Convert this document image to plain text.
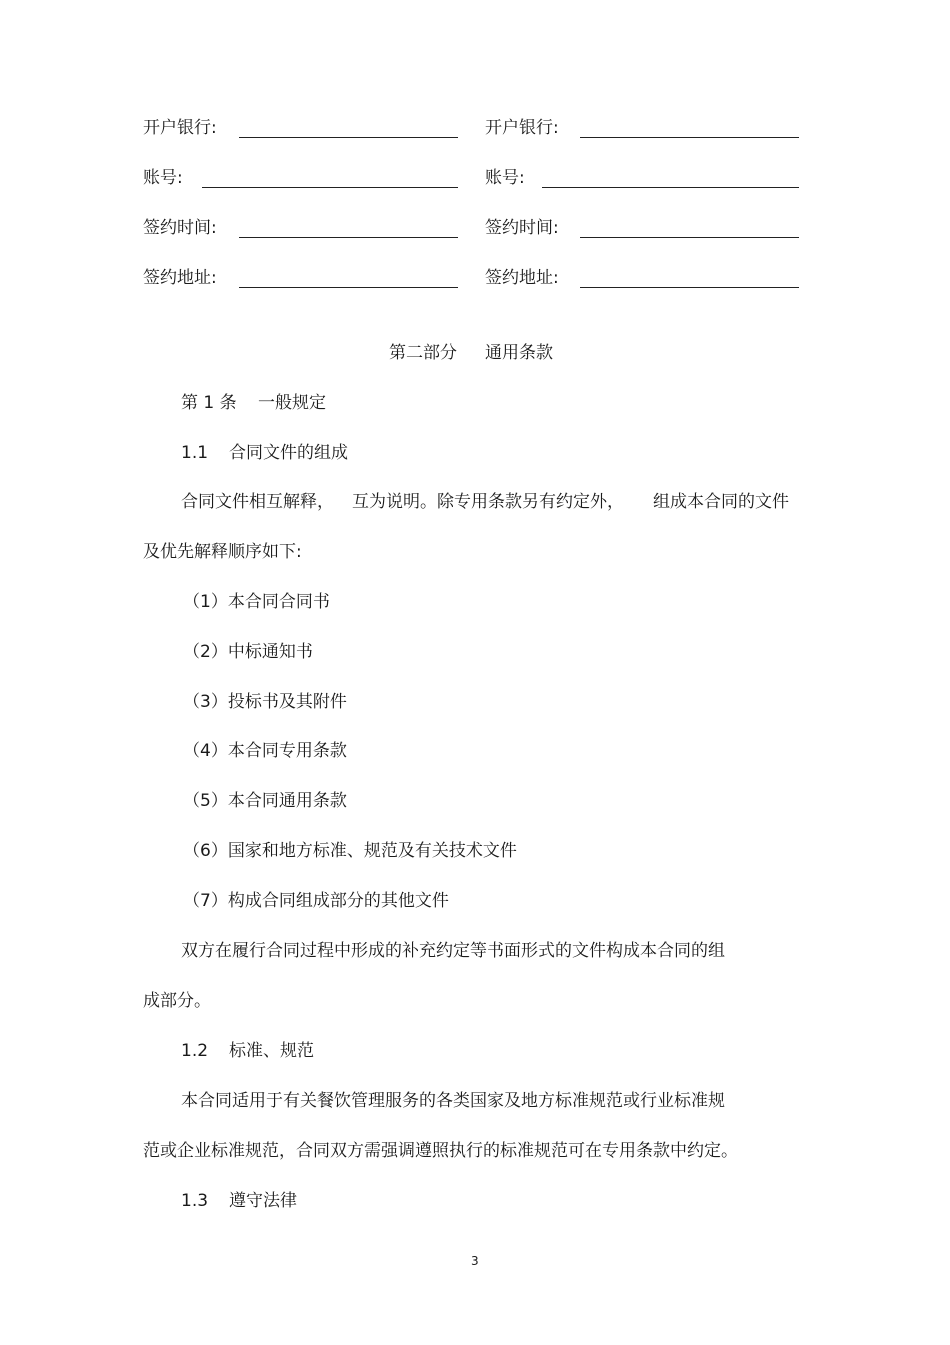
开户银行:	开户银行:
账号:	账号:
签约时间:	签约时间:
签约地址:	签约地址:
第二部分 通用条款
第 1 条 一般规定
1.1 合同文件的组成
合同文件相互解释， 互为说明。除专用条款另有约定外， 组成本合同的文件
及优先解释顺序如下:
（1）本合同合同书
（2）中标通知书
（3）投标书及其附件
（4）本合同专用条款
（5）本合同通用条款
（6）国家和地方标准、规范及有关技术文件
（7）构成合同组成部分的其他文件
双方在履行合同过程中形成的补充约定等书面形式的文件构成本合同的组
成部分。
1.2 标准、规范
本合同适用于有关餐饮管理服务的各类国家及地方标准规范或行业标准规
范或企业标准规范，合同双方需强调遵照执行的标准规范可在专用条款中约定。
1.3 遵守法律
3
